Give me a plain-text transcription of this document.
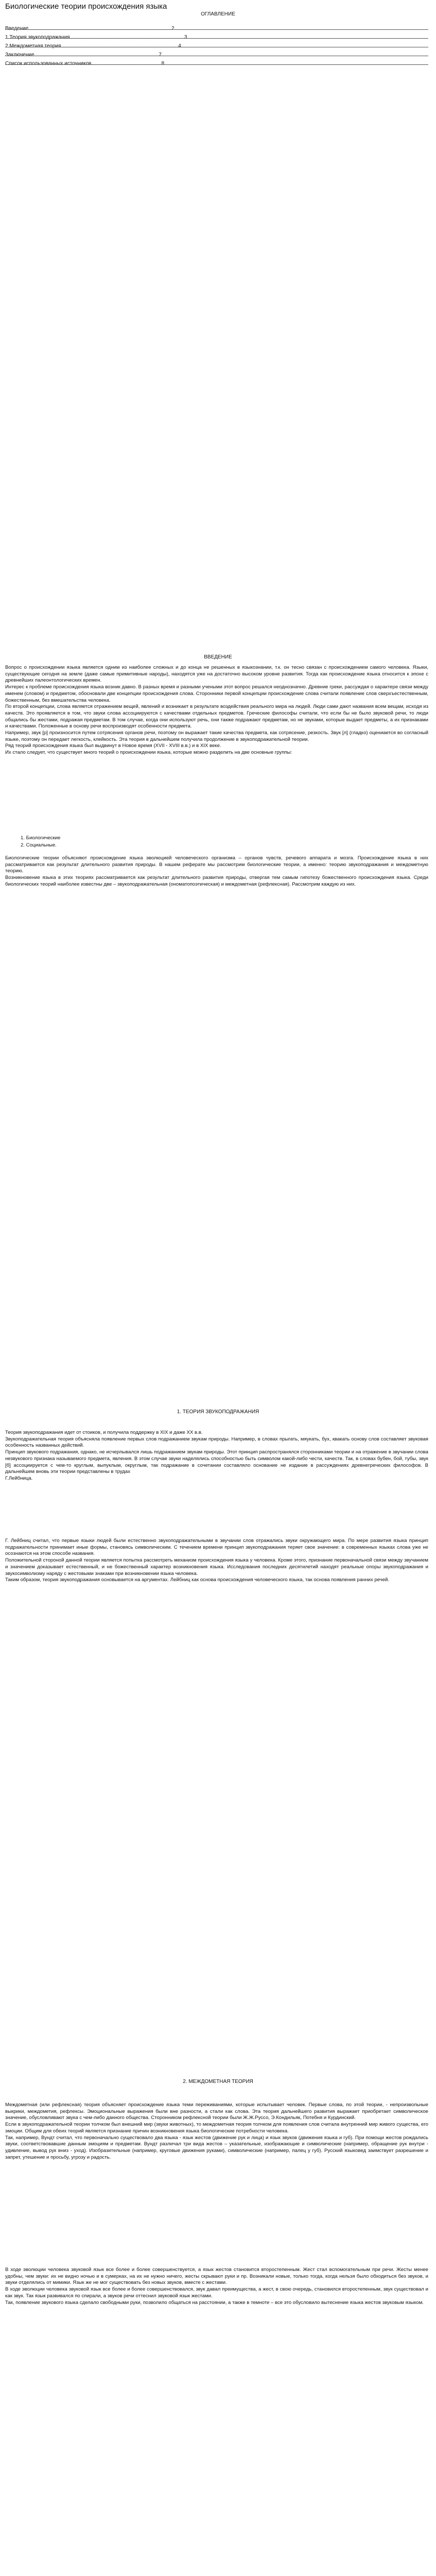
Биологические теории происхождения языка
ОГЛАВЛЕНИЕ
Введение....................................................................................................2
1.Теория звукоподражания................................................................................3
2.Междометная теория..................................................................................4
Заключение.......................................................................................7
Список использованных источников.................................................8
ВВЕДЕНИЕ

Вопрос о происхождении языка является одним из наиболее сложных и до конца не решенных в языкознании, т.к. он тесно связан с происхождением самого человека. Языки, существующие сегодня на земле (даже самые примитивные народы), находятся уже на достаточно высоком уровне развития. Тогда как происхождение языка относится к эпохе с древнейших палеонтологических времен.

Интерес к проблеме происхождения языка возник давно. В разных время и разными учеными этот вопрос решался неоднозначно. Древние греки, рассуждая о характере связи между именем (словом) и предметом, обосновали две концепции происхождения слова. Сторонники первой концепции происхождение слова считали появление слов сверхъестественным, божественным, без вмешательства человека.

По второй концепции, слова является отражением вещей, явлений и возникает в результате воздействия реального мира на людей. Люди сами дают названия всем вещам, исходя из качеств. Это проявляется в том, что звуки слова ассоциируются с качествами отдельных предметов. Греческие философы считали, что если бы не было звуковой речи, то люди общались бы жестами, подражая предметам. В том случае, когда они используют речь, они также подражают предметам, но не звуками, которые выдает предметы, а их признаками и качествами. Положенные в основу речи воспроизводят особенности предмета.

Например, звук [р] произносится путем сотрясения органов речи, поэтому он выражает такие качества предмета, как сотрясение, резкость. Звук [л] (гладко) оцениается во согласный языке, поэтому он передает легкость, клейкость. Эта теория в дальнейшем получила продолжение в звукоподражательной теории.

Ряд теорий происхождения языка был выдвинут в Новое время (XVII - XVIII в.в.) и в XIX веке.

Их стало следует, что существует много теорий о происхождении языка, которые можно разделить на две основные группы:

1. Биологические

2. Социальные.

Биологические теории объясняют происхождение языка эволюцией человеческого организма – органов чувств, речевого аппарата и мозга. Происхождение языка в них рассматривается как результат длительного развития природы. В нашем реферате мы рассмотрим биологические теории, а именно: теорию звукоподражания и междометную теорию.

Возникновение языка в этих теориях рассматривается как результат длительного развития природы, отвергая тем самым гипотезу божественного происхождения языка. Среди биологических теорий наиболее известны две – звукоподражательная (ономатопоэтическая) и междометная (рефлексная). Рассмотрим каждую из них.

1. ТЕОРИЯ ЗВУКОПОДРАЖАНИЯ

Теория звукоподражания идет от стоиков, и получила поддержку в XIX и даже XX в.в.

Звукоподражательная теория объясняла появление первых слов подражанием звукам природы. Например, в словах прыгать, мяукать, бух, квакать основу слов составляет звуковая особенность названных действий.

Принцип звукового подражания, однако, не исчерпывался лишь подражанием звукам природы. Этот принцип распространялся сторонниками теории и на отражение в звучании слова незвукового признака называемого предмета, явления. В этом случае звуки наделялись способностью быть символом какой-либо чести, качеств. Так, в словах бубен, бой, тубы, звук [б] ассоциируется с чем-то круглым, выпуклым, округлым, так подражание в сочетании составляло основание не издание в рассуждениях древнегреческих философов. В дальнейшем вновь эти теории представлены в трудах

Г.Лейбница.

Г. Лейбниц считал, что первые языки людей были естественно звукоподражательными в звучании слов отражались звуки окружающего мира. По мере развития языка принцип подражательности принимает иные формы, становясь символическим. С течением времени принцип звукоподражания теряет свое значение: в современных языках слова уже не осознаются на этом способе названия.

Положительной стороной данной теории является попытка рассмотреть механизм происхождения языка у человека. Кроме этого, признание первоначальной связи между звучанием и значением доказывает естественный, и не божественный характер возникновения языка. Исследования последних десятилетий находят реальные опоры звукоподражания и звукосимволизму наряду с жестовыми знаками при возникновении языка человека.

Таким образом, теория звукоподражания основывается на аргументах. Лейбниц как основа происхождения человеческого языка, так основа появления ранних речей.

2. МЕЖДОМЕТНАЯ ТЕОРИЯ

Междометная (или рефлексная) теория объясняет происхождение языка теми переживаниями, которые испытывает человек. Первые слова, по этой теории, - непроизвольные выкрики, междометия, рефлексы. Эмоциональные выражения были вне разности, а стали как слова. Эта теория дальнейшего развития выражает приобретает символическое значение, обусловливают звука с чем-либо данного общества. Сторонником рефлексной теории были Ж.Ж.Руссо, Э.Кондильяк, Потебня и Курдинский.

Если в звукоподражательной теории толчком был внешний мир (звуки животных), то междометная теория толчком для появления слов считала внутренний мир живого существа, его эмоции. Общим для обеих теорий является признание причин возникновения языка биологические потребности человека.

Так, например, Вундт считал, что первоначально существовало два языка - язык жестов (движение рук и лица) и язык звуков (движения языка и губ). При помощи жестов рождались звуки, соответствовавшие данным эмоциям и предметам. Вундт различал три вида жестов – указательные, изображающие и символические (например, обращение рук внутри - удивление, вывод рук вниз - уход). Изобразительные (например, круговые движения руками), символические (например, палец у губ). Русский языковед заимствует разрешение и запрет, утешение и просьбу, угрозу и радость.

В ходе эволюции человека звуковой язык все более и более совершенствуется, а язык жестов становится второстепенным. Жест стал вспомогательным при речи. Жесты менее удобны, чем звуки: их не видно ночью и в сумерках, на их не нужно ничего, жесты скрывают руки и пр. Возникали новые, только тогда, когда нельзя было обходиться без звуков, и звуки отделялись от мимики. Язык же не мог существовать без новых звуков, вместе с жестами.

В ходе эволюции человека звуковой язык все более и более совершенствовался, звук давал преимущества, а жест, в свою очередь, становился второстепенным, звук существовал и как звук. Так язык развивался по спирали, а звуков речи оттеснил звуковой язык жестами.

Так, появление звукового языка сделало свободными руки, позволило общаться на расстоянии, а также в темноте – все это обусловило вытеснение языка жестов звуковым языком.
